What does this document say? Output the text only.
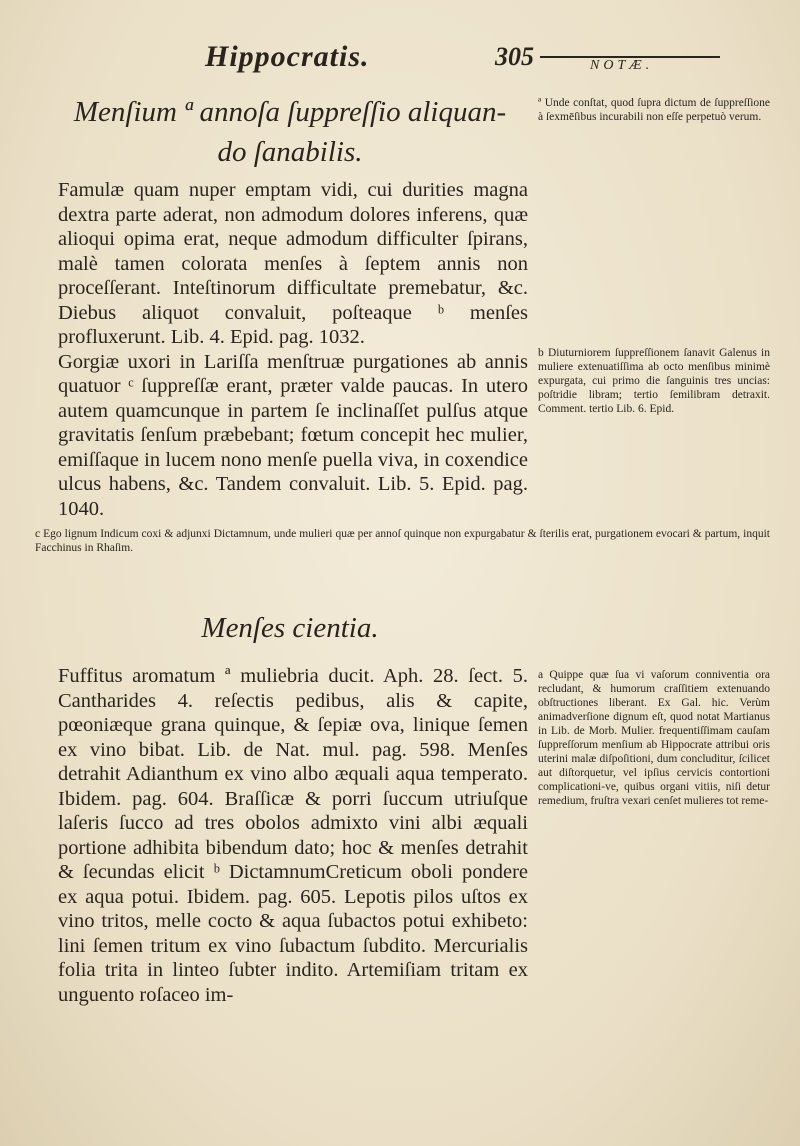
Hippocratis.	305	NOTÆ.
Menſium ª annoſa ſuppreſſio aliquan-
do ſanabilis.

ª Unde conſtat, quod ſupra dictum de ſuppreſſione à ſexmēſibus incurabili non eſſe perpetuò verum.

Famulæ quam nuper emptam vidi, cui durities magna dextra parte aderat, non admodum dolores inferens, quæ alioqui opima erat, neque admodum difficulter ſpirans, malè tamen colorata menſes à ſeptem annis non proceſſerant. Inteſtinorum difficultate premebatur, &c. Diebus aliquot convaluit, poſteaque ᵇ menſes profluxerunt. Lib. 4. Epid. pag. 1032.

Gorgiæ uxori in Lariſſa menſtruæ purgationes ab annis quatuor ᶜ ſuppreſſæ erant, præter valde paucas. In utero autem quamcunque in partem ſe inclinaſſet pulſus atque gravitatis ſenſum præbebant; fœtum concepit hec mulier, emiſſaque in lucem nono menſe puella viva, in coxendice ulcus habens, &c. Tandem convaluit. Lib. 5. Epid. pag. 1040.

b Diuturniorem ſuppreſſionem ſanavit Galenus in muliere extenuatiſſima ab octo menſibus minimè expurgata, cui primo die ſanguinis tres uncias: poſtridie libram; tertio ſemilibram detraxit. Comment. tertio Lib. 6. Epid.

c Ego lignum Indicum coxi & adjunxi Dictamnum, unde mulieri quæ per annoſ quinque non expurgabatur & ſterilis erat, purgationem evocari & partum, inquit Facchinus in Rhaſim.

Menſes cientia.

Fuffitus aromatum ª muliebria ducit. Aph. 28. ſect. 5. Cantharides 4. reſectis pedibus, alis & capite, pœoniæque grana quinque, & ſepiæ ova, linique ſemen ex vino bibat. Lib. de Nat. mul. pag. 598. Menſes detrahit Adianthum ex vino albo æquali aqua temperato. Ibidem. pag. 604. Braſſicæ & porri ſuccum utriuſque laſeris ſucco ad tres obolos admixto vini albi æquali portione adhibita bibendum dato; hoc & menſes detrahit & ſecundas elicit ᵇ DictamnumCreticum oboli pondere ex aqua potui. Ibidem. pag. 605. Lepotis pilos uſtos ex vino tritos, melle cocto & aqua ſubactos potui exhibeto: lini ſemen tritum ex vino ſubactum ſubdito. Mercurialis folia trita in linteo ſubter indito. Artemiſiam tritam ex unguento roſaceo im-

a Quippe quæ ſua vi vaſorum conniventia ora recludant, & humorum craſſitiem extenuando obſtructiones liberant. Ex Gal. hic. Verùm animadverſione dignum eſt, quod notat Martianus in Lib. de Morb. Mulier. frequentiſſimam cauſam ſuppreſſorum menſium ab Hippocrate attribui oris uterini malæ diſpoſitioni, dum concluditur, ſcilicet aut diſtorquetur, vel ipſius cervicis contortioni complicationi-ve, quibus organi vitiis, niſi detur remedium, fruſtra vexari cenſet mulieres tot reme-
